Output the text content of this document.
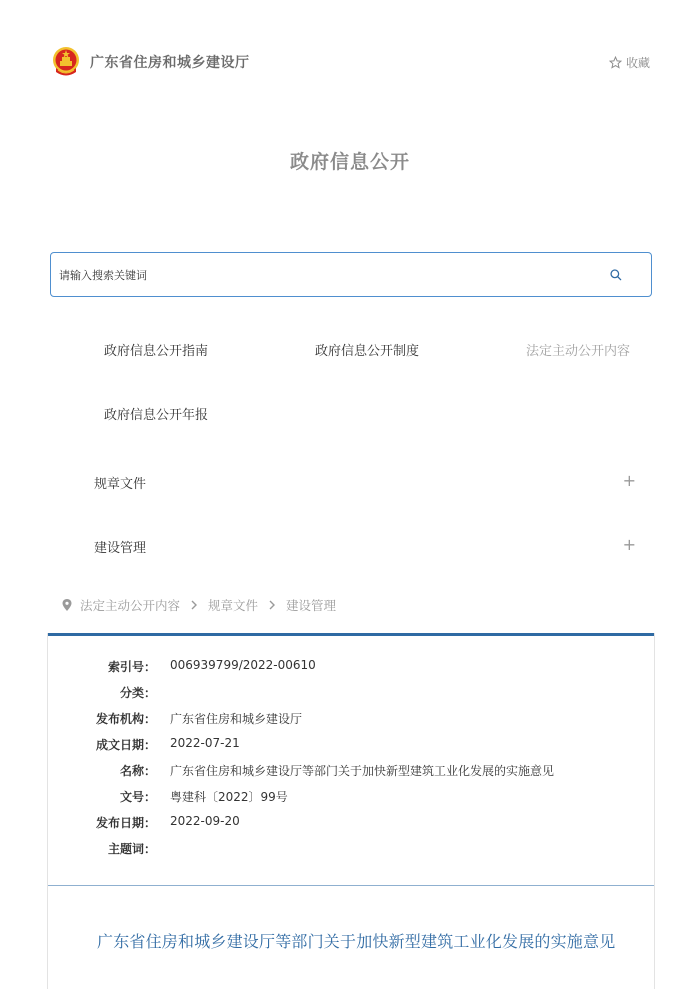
广东省住房和城乡建设厅	收藏
政府信息公开
请输入搜索关键词
政府信息公开指南	政府信息公开制度	法定主动公开内容
政府信息公开年报
规章文件	+
建设管理	+
法定主动公开内容 规章文件 建设管理
索引号： 006939799/2022-00610
分类：
发布机构： 广东省住房和城乡建设厅
成文日期： 2022-07-21
名称： 广东省住房和城乡建设厅等部门关于加快新型建筑工业化发展的实施意见
文号： 粤建科〔2022〕99号
发布日期： 2022-09-20
主题词：
广东省住房和城乡建设厅等部门关于加快新型建筑工业化发展的实施意见
